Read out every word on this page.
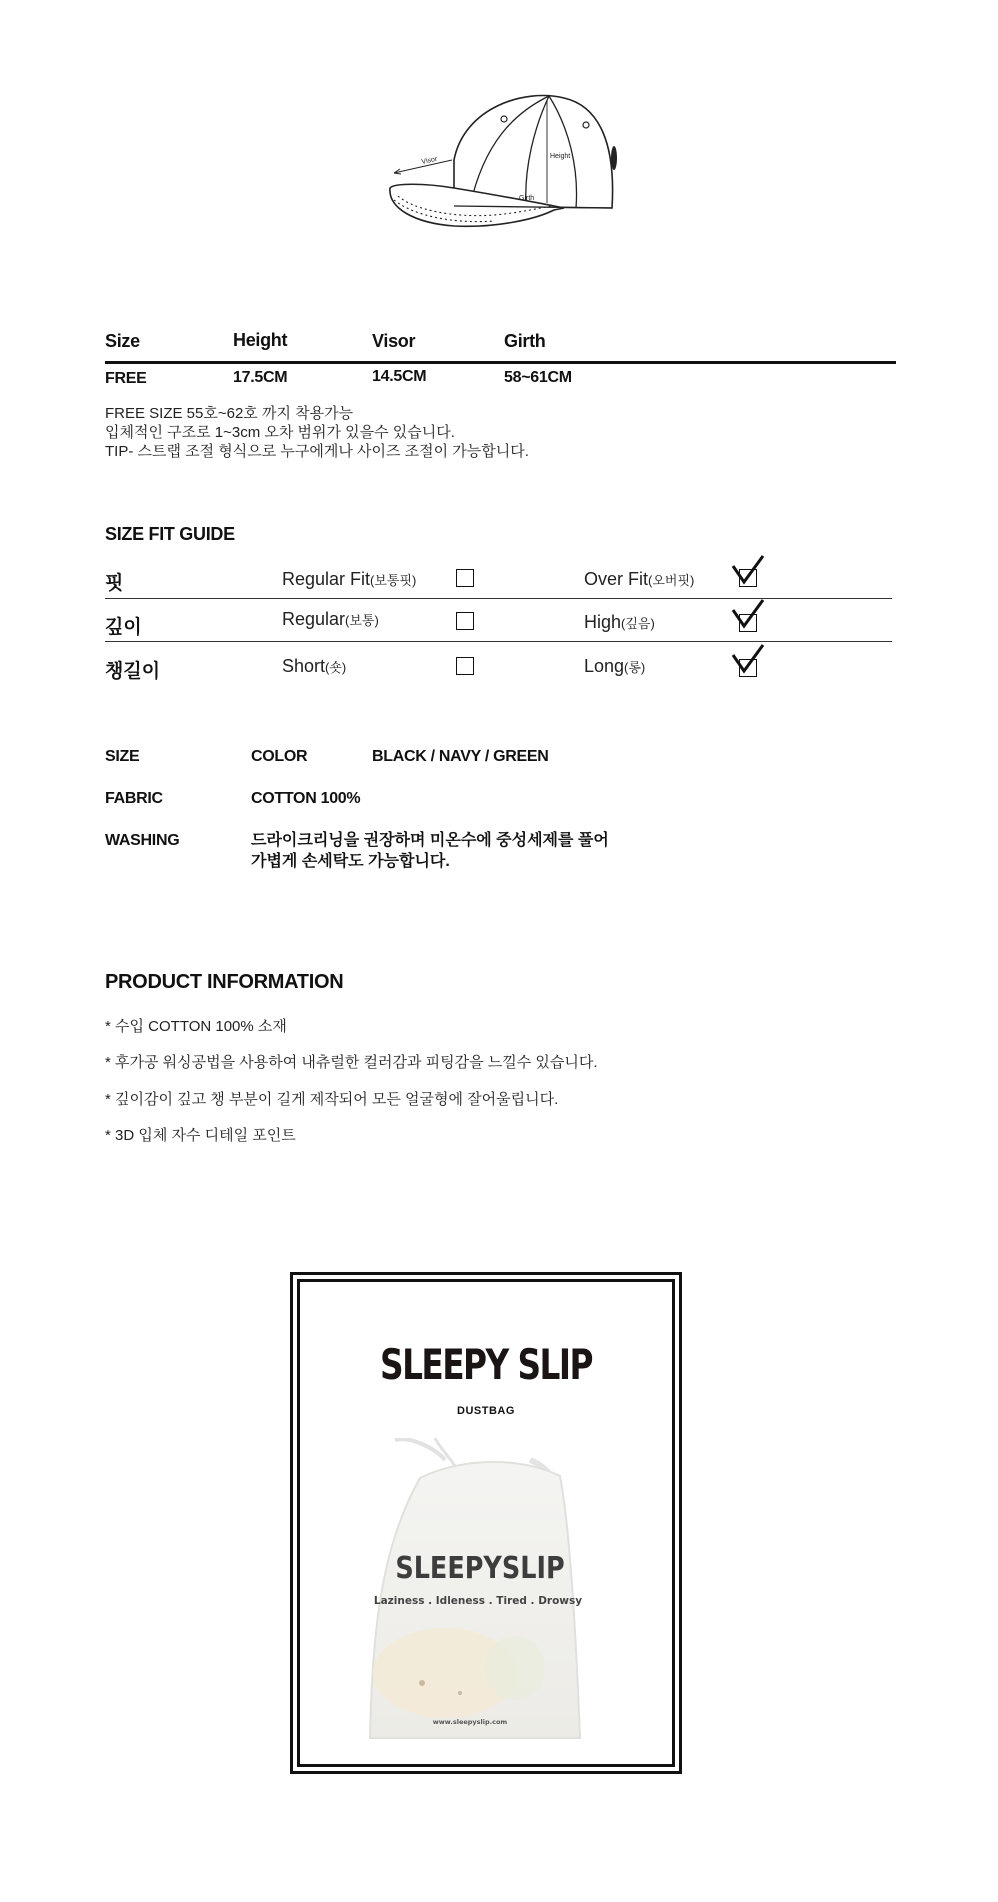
Visor	Height
Girth
Size	Height	Visor	Girth
FREE	17.5CM	14.5CM	58~61CM
FREE SIZE 55호~62호 까지 착용가능
입체적인 구조로 1~3cm 오차 범위가 있을수 있습니다.
TIP- 스트랩 조절 형식으로 누구에게나 사이즈 조절이 가능합니다.
SIZE FIT GUIDE
핏	Regular Fit(보통핏)	Over Fit(오버핏)
깊이	Regular(보통)	High(깊음)
챙길이	Short(숏)	Long(롱)
SIZE	COLOR	BLACK / NAVY / GREEN
FABRIC	COTTON 100%
WASHING	드라이크리닝을 권장하며 미온수에 중성세제를 풀어
가볍게 손세탁도 가능합니다.
PRODUCT INFORMATION
* 수입 COTTON 100% 소재
* 후가공 워싱공법을 사용하여 내츄럴한 컬러감과 피팅감을 느낄수 있습니다.
* 깊이감이 깊고 챙 부분이 길게 제작되어 모든 얼굴형에 잘어울립니다.
* 3D 입체 자수 디테일 포인트
SLEEPY SLIP
DUSTBAG
SLEEPYSLIP
Laziness . Idleness . Tired . Drowsy
www.sleepyslip.com
